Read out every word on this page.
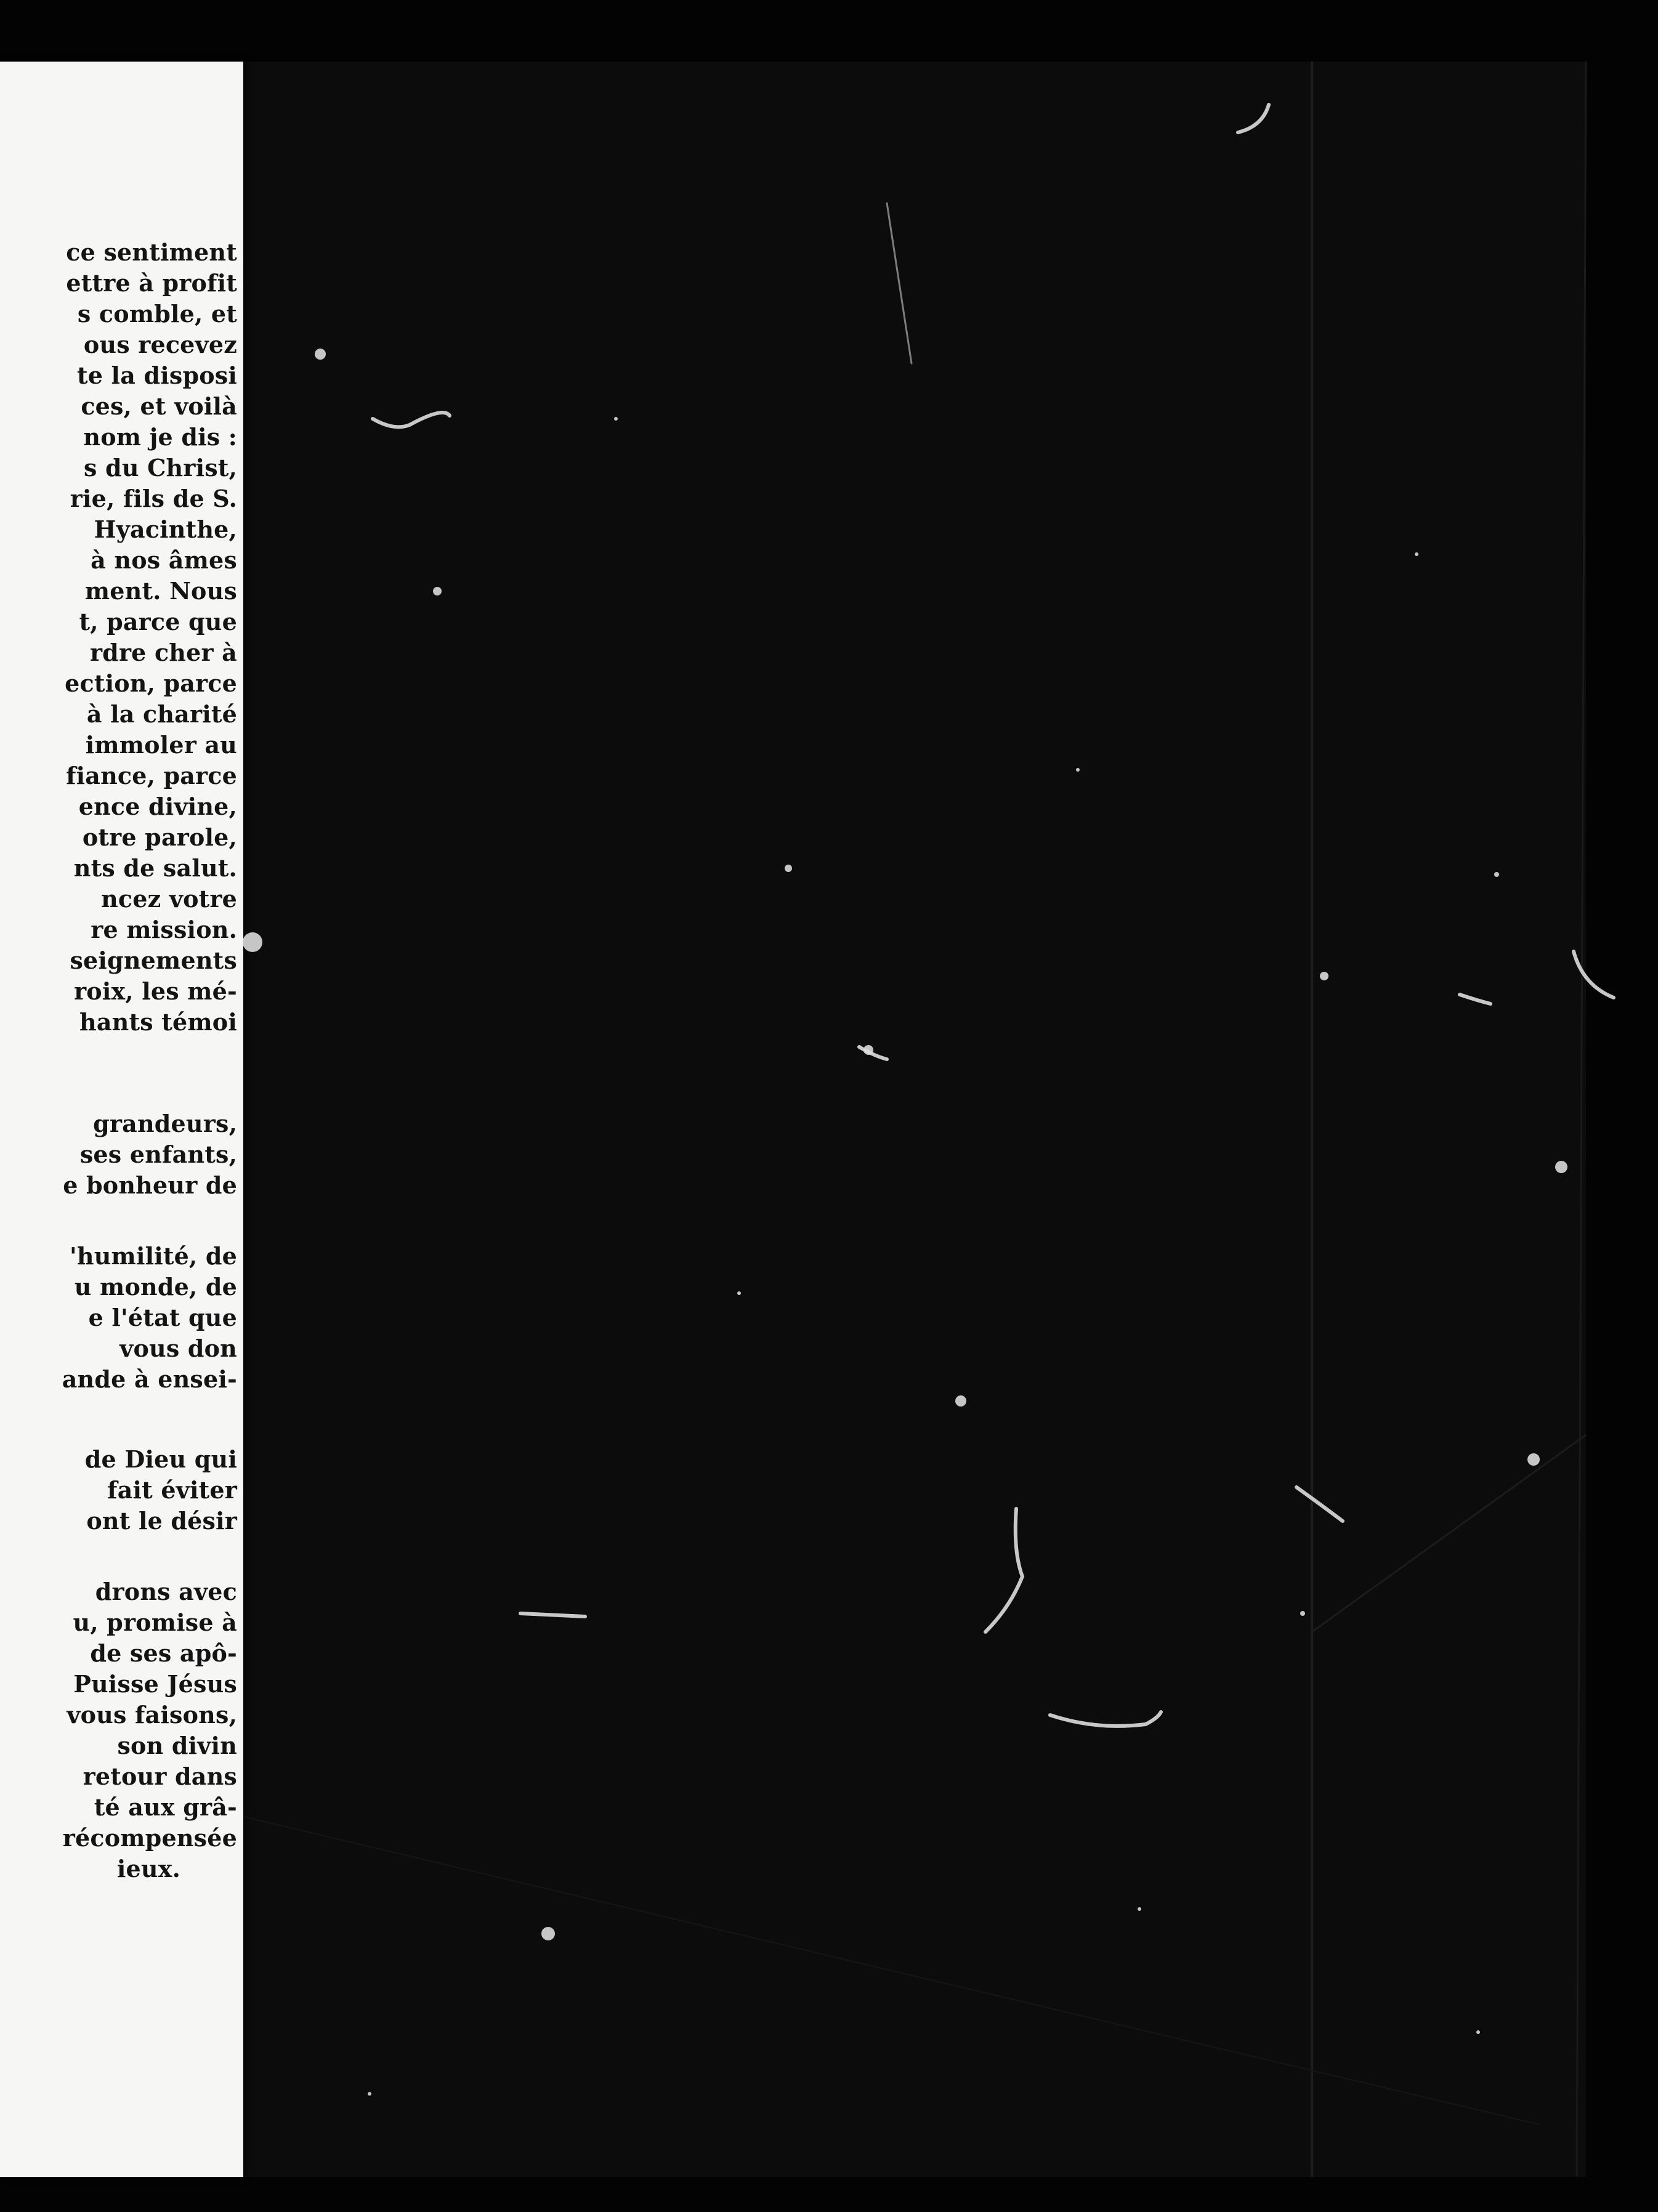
ce sentiment
ettre à profit
s comble, et
ous recevez
te la disposi
ces, et voilà
nom je dis :
s du Christ,
rie, fils de S.
Hyacinthe,
à nos âmes
ment. Nous
t, parce que
rdre cher à
ection, parce
à la charité
immoler au
fiance, parce
ence divine,
otre parole,
nts de salut.
ncez votre
re mission.
seignements
roix, les mé-
hants témoi
grandeurs,
ses enfants,
e bonheur de
'humilité, de
u monde, de
e l'état que
vous don
ande à ensei-
de Dieu qui
fait éviter
ont le désir
drons avec
u, promise à
de ses apô-
Puisse Jésus
vous faisons,
son divin
retour dans
té aux grâ-
récompensée
ieux.
